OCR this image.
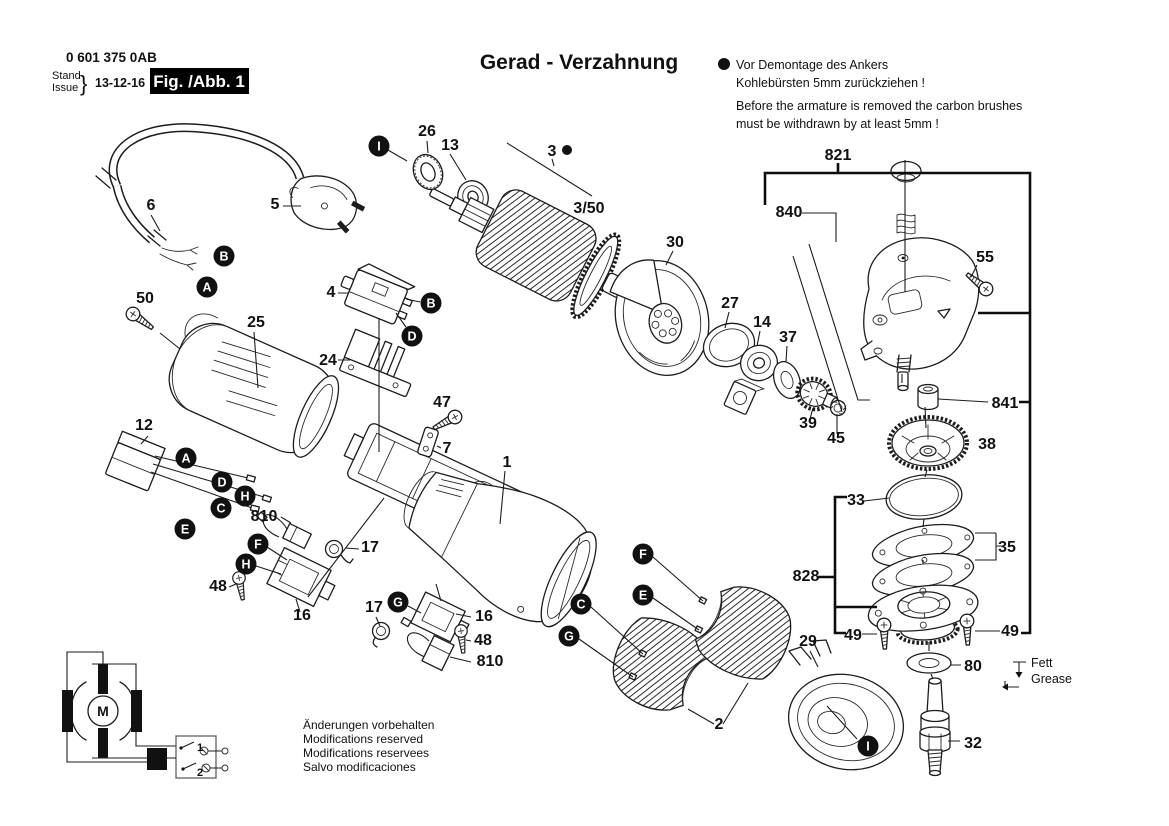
M
1
2
0 601 375 0AB
Stand
Issue } 13-12-16 Fig. /Abb. 1
Gerad - Verzahnung	Vor Demontage des Ankers
Kohlebürsten 5mm zurückziehen !
Before the armature is removed the carbon brushes
must be withdrawn by at least 5mm !
Änderungen vorbehalten
Modifications reserved
Modifications reservees
Salvo modificaciones
Fett
Grease
26
13	3
3/50
30
27
14
37
39
45
821
840
55
841
38
33
35
828
49	49
80
32
29
6	5
50
25
4
24
47
7
1
12
810
17
48
16	17
16
48
810
2
I
B
A
B
D
A
D
H
C
E
F
H
G
F
E
C
G
I
